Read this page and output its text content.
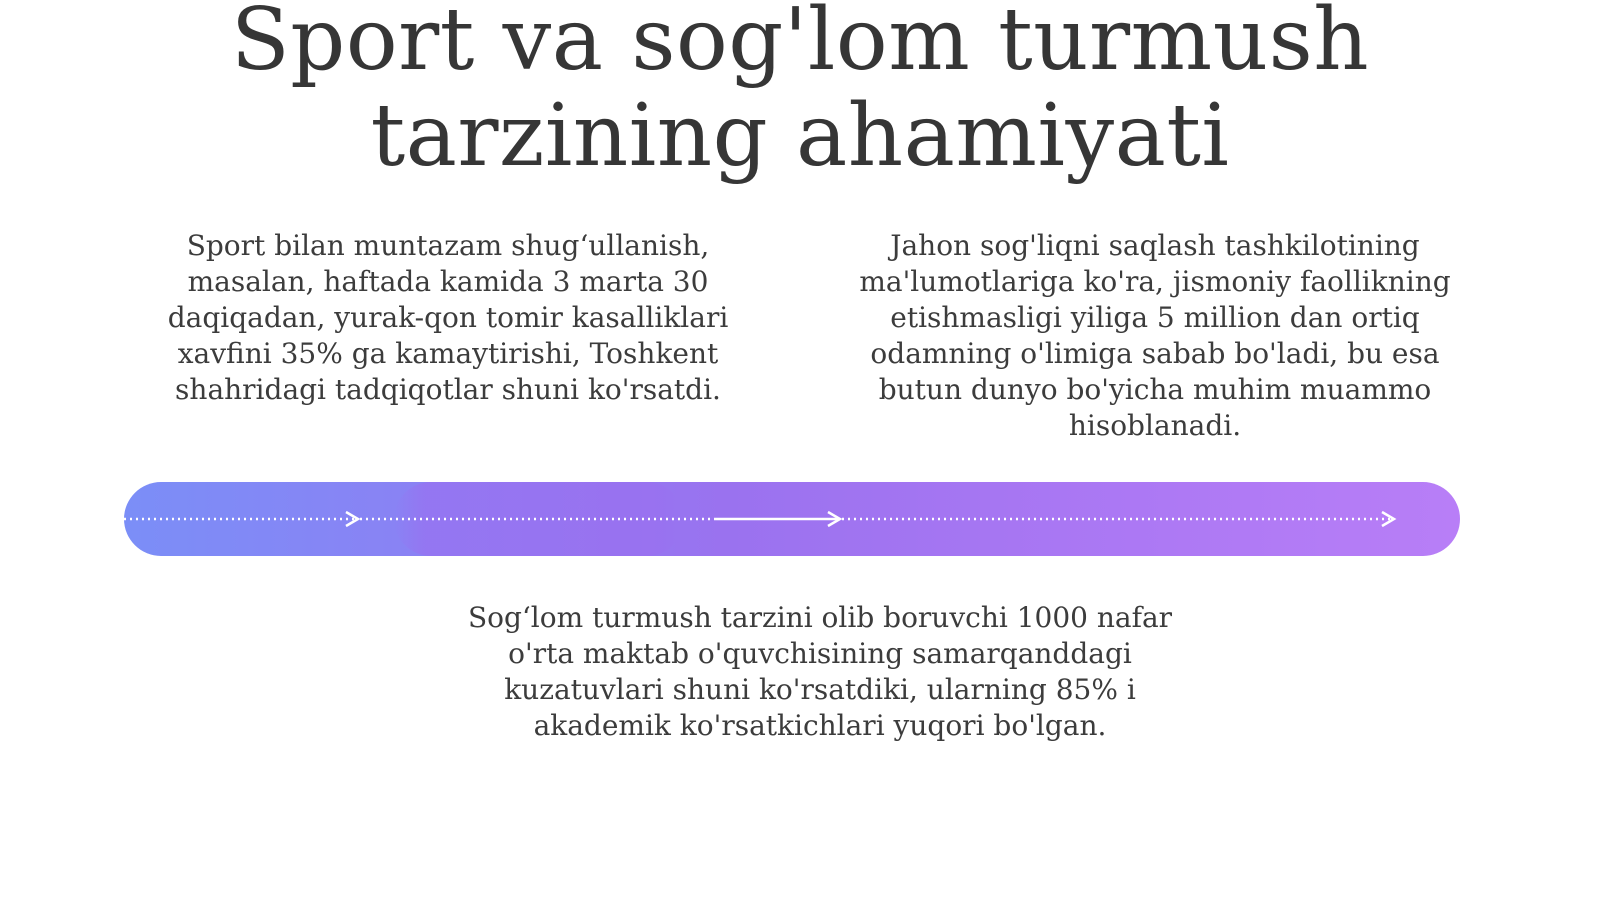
Sport va sog'lom turmush tarzining ahamiyati

Sport bilan muntazam shug‘ullanish, masalan, haftada kamida 3 marta 30 daqiqadan, yurak-qon tomir kasalliklari xavfini 35% ga kamaytirishi, Toshkent shahridagi tadqiqotlar shuni ko'rsatdi.

Jahon sog'liqni saqlash tashkilotining ma'lumotlariga ko'ra, jismoniy faollikning etishmasligi yiliga 5 million dan ortiq odamning o'limiga sabab bo'ladi, bu esa butun dunyo bo'yicha muhim muammo hisoblanadi.

Sog‘lom turmush tarzini olib boruvchi 1000 nafar o'rta maktab o'quvchisining samarqanddagi kuzatuvlari shuni ko'rsatdiki, ularning 85% i akademik ko'rsatkichlari yuqori bo'lgan.
